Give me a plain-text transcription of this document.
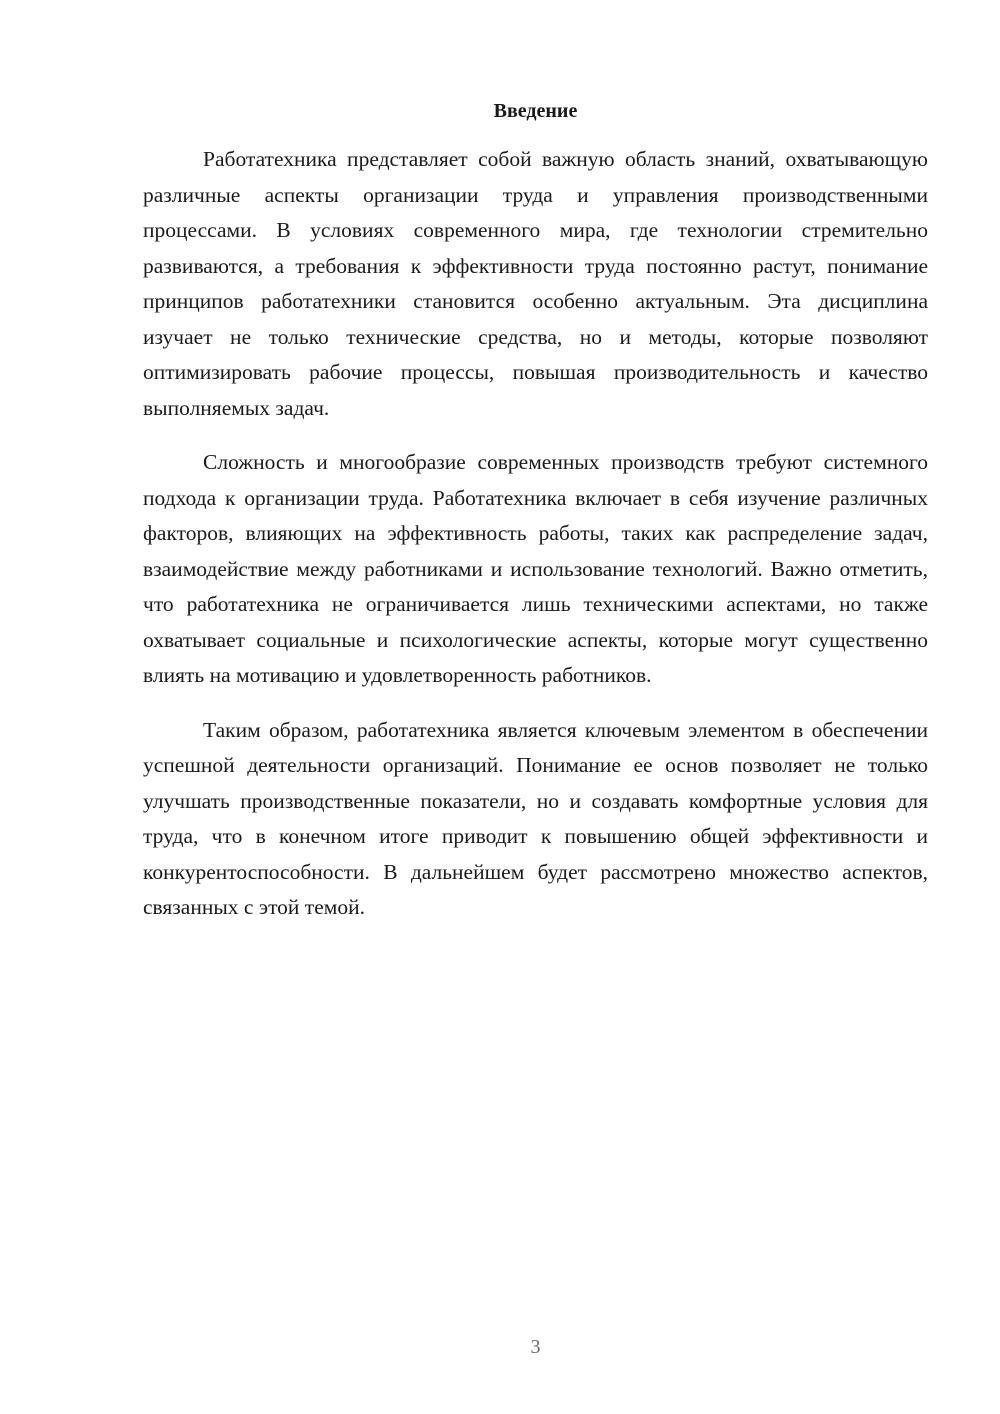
Введение

Работатехника представляет собой важную область знаний, охватывающую различные аспекты организации труда и управления производственными процессами. В условиях современного мира, где технологии стремительно развиваются, а требования к эффективности труда постоянно растут, понимание принципов работатехники становится особенно актуальным. Эта дисциплина изучает не только технические средства, но и методы, которые позволяют оптимизировать рабочие процессы, повышая производительность и качество выполняемых задач.

Сложность и многообразие современных производств требуют системного подхода к организации труда. Работатехника включает в себя изучение различных факторов, влияющих на эффективность работы, таких как распределение задач, взаимодействие между работниками и использование технологий. Важно отметить, что работатехника не ограничивается лишь техническими аспектами, но также охватывает социальные и психологические аспекты, которые могут существенно влиять на мотивацию и удовлетворенность работников.

Таким образом, работатехника является ключевым элементом в обеспечении успешной деятельности организаций. Понимание ее основ позволяет не только улучшать производственные показатели, но и создавать комфортные условия для труда, что в конечном итоге приводит к повышению общей эффективности и конкурентоспособности. В дальнейшем будет рассмотрено множество аспектов, связанных с этой темой.

3
